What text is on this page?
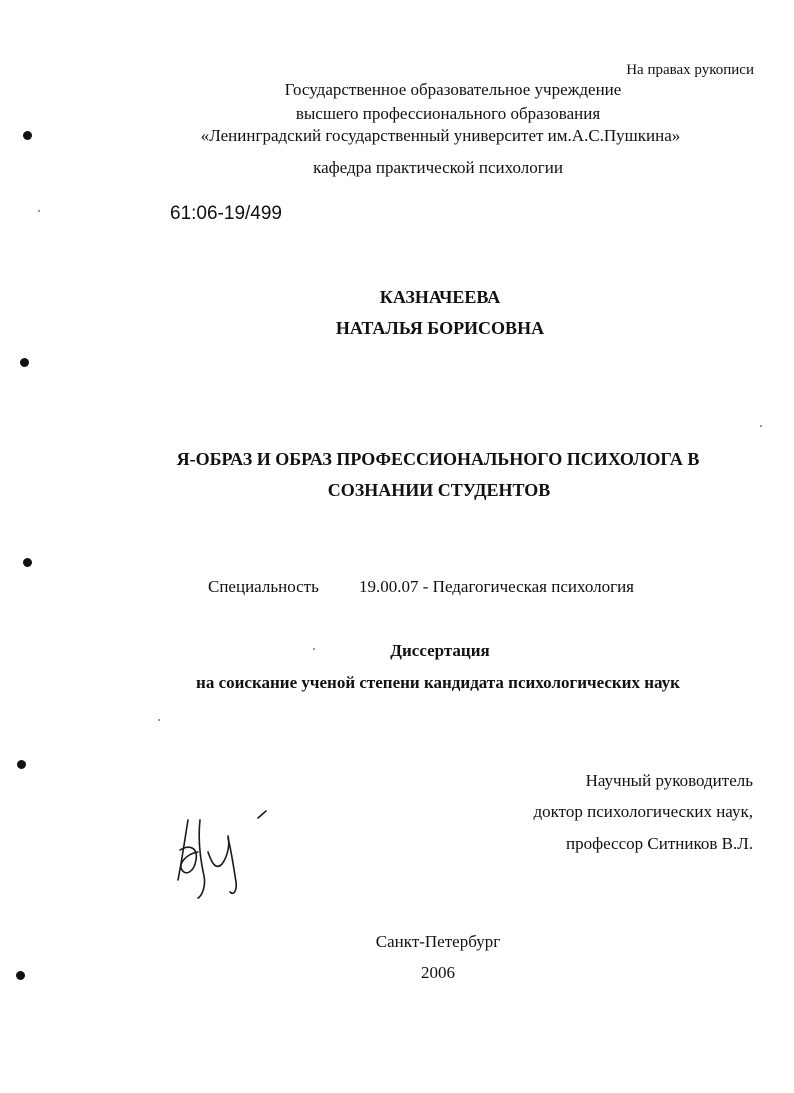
На правах рукописи
Государственное образовательное учреждение
высшего профессионального образования
«Ленинградский государственный университет им.А.С.Пушкина»
кафедра практической психологии
61:06-19/499
КАЗНАЧЕЕВА
НАТАЛЬЯ БОРИСОВНА
Я-ОБРАЗ И ОБРАЗ ПРОФЕССИОНАЛЬНОГО ПСИХОЛОГА В
СОЗНАНИИ СТУДЕНТОВ
Специальность 19.00.07 - Педагогическая психология
Диссертация
на соискание ученой степени кандидата психологических наук
Научный руководитель
доктор психологических наук,
профессор Ситников В.Л.
Санкт-Петербург
2006
